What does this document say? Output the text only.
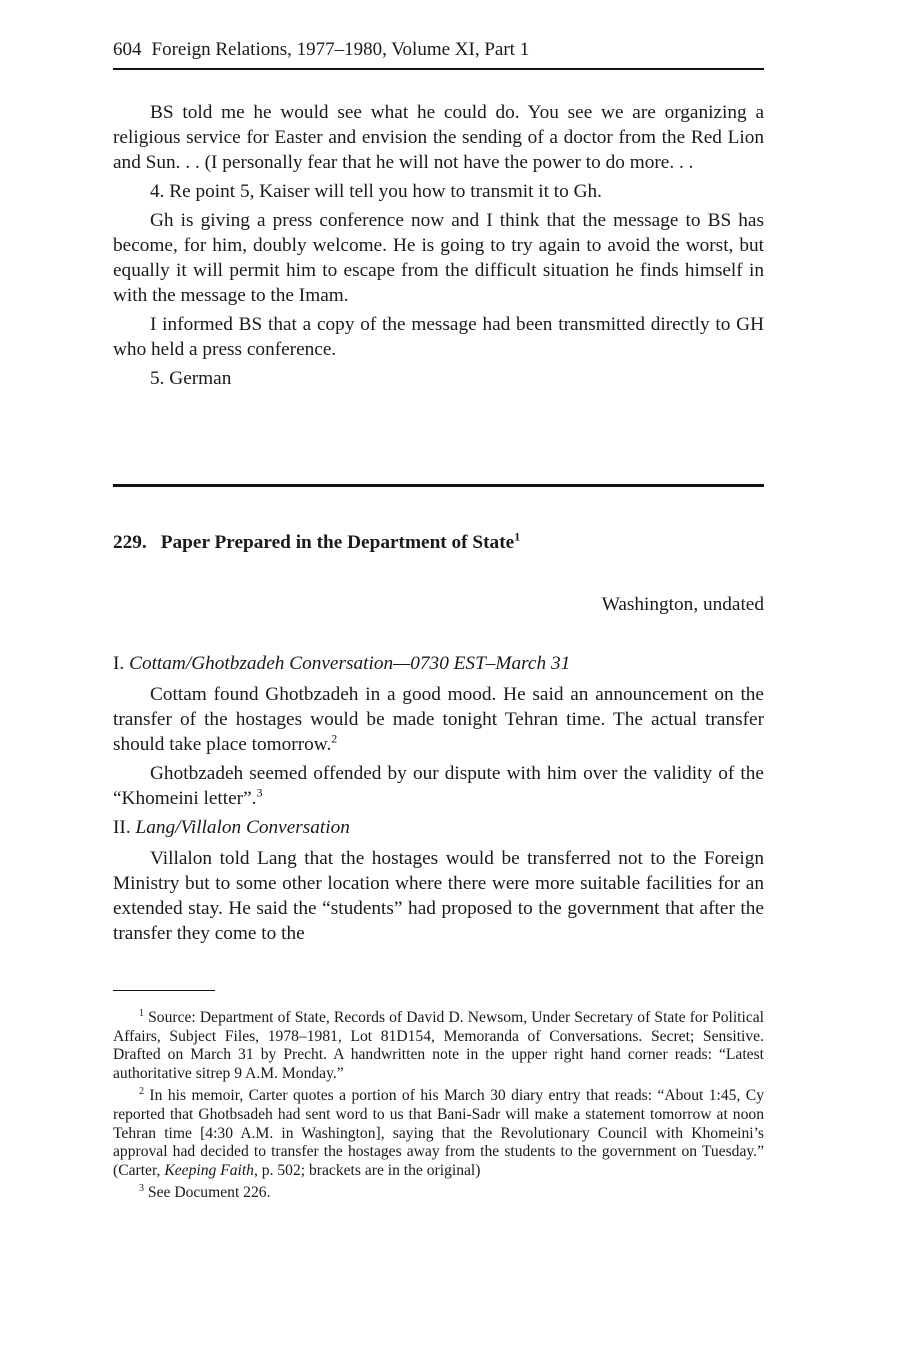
604 Foreign Relations, 1977–1980, Volume XI, Part 1

BS told me he would see what he could do. You see we are organizing a religious service for Easter and envision the sending of a doctor from the Red Lion and Sun. . . (I personally fear that he will not have the power to do more. . .

4. Re point 5, Kaiser will tell you how to transmit it to Gh.

Gh is giving a press conference now and I think that the message to BS has become, for him, doubly welcome. He is going to try again to avoid the worst, but equally it will permit him to escape from the difficult situation he finds himself in with the message to the Imam.

I informed BS that a copy of the message had been transmitted directly to GH who held a press conference.

5. German

229. Paper Prepared in the Department of State$^1$
Washington, undated
I. Cottam/Ghotbzadeh Conversation—0730 EST–March 31

Cottam found Ghotbzadeh in a good mood. He said an announcement on the transfer of the hostages would be made tonight Tehran time. The actual transfer should take place tomorrow.$^2$

Ghotbzadeh seemed offended by our dispute with him over the validity of the “Khomeini letter”.$^3$

II. Lang/Villalon Conversation

Villalon told Lang that the hostages would be transferred not to the Foreign Ministry but to some other location where there were more suitable facilities for an extended stay. He said the “students” had proposed to the government that after the transfer they come to the

$^1$ Source: Department of State, Records of David D. Newsom, Under Secretary of State for Political Affairs, Subject Files, 1978–1981, Lot 81D154, Memoranda of Conversations. Secret; Sensitive. Drafted on March 31 by Precht. A handwritten note in the upper right hand corner reads: “Latest authoritative sitrep 9 A.M. Monday.”

$^2$ In his memoir, Carter quotes a portion of his March 30 diary entry that reads: “About 1:45, Cy reported that Ghotbsadeh had sent word to us that Bani-Sadr will make a statement tomorrow at noon Tehran time [4:30 A.M. in Washington], saying that the Revolutionary Council with Khomeini’s approval had decided to transfer the hostages away from the students to the government on Tuesday.” (Carter, Keeping Faith, p. 502; brackets are in the original)

$^3$ See Document 226.
